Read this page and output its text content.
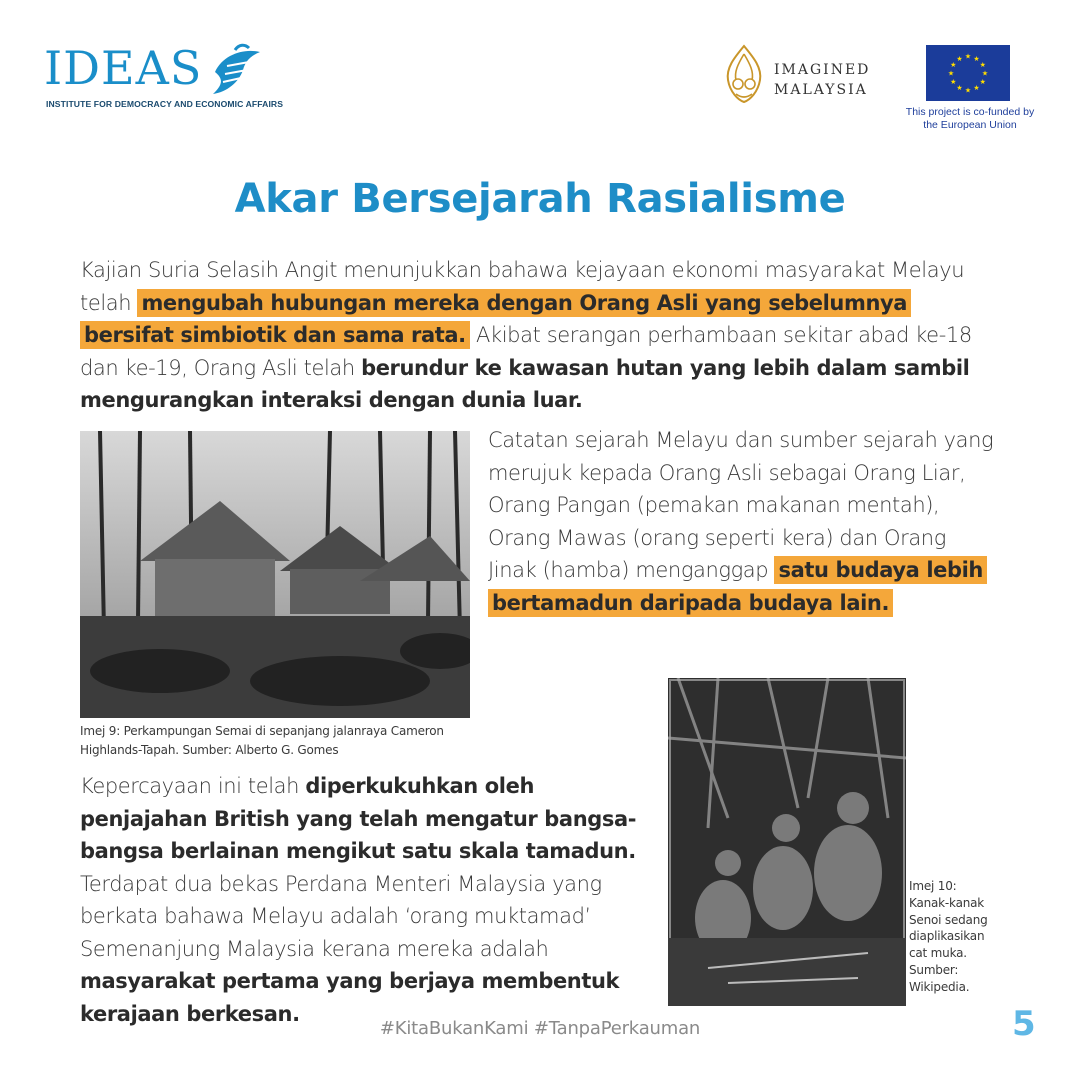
IDEAS
INSTITUTE FOR DEMOCRACY AND ECONOMIC AFFAIRS
IMAGINED
MALAYSIA
★ ★
★
★
★
★
★
★
★
★
★
★
This project is co-funded by
the European Union
Akar Bersejarah Rasialisme
Kajian Suria Selasih Angit menunjukkan bahawa kejayaan ekonomi masyarakat Melayu telah mengubah hubungan mereka dengan Orang Asli yang sebelumnya bersifat simbiotik dan sama rata. Akibat serangan perhambaan sekitar abad ke-18 dan ke-19, Orang Asli telah berundur ke kawasan hutan yang lebih dalam sambil mengurangkan interaksi dengan dunia luar.
Imej 9: Perkampungan Semai di sepanjang jalanraya Cameron Highlands-Tapah. Sumber: Alberto G. Gomes
Catatan sejarah Melayu dan sumber sejarah yang merujuk kepada Orang Asli sebagai Orang Liar, Orang Pangan (pemakan makanan mentah), Orang Mawas (orang seperti kera) dan Orang Jinak (hamba) menganggap satu budaya lebih bertamadun daripada budaya lain.
Kepercayaan ini telah diperkukuhkan oleh penjajahan British yang telah mengatur bangsa-bangsa berlainan mengikut satu skala tamadun. Terdapat dua bekas Perdana Menteri Malaysia yang berkata bahawa Melayu adalah ‘orang muktamad’ Semenanjung Malaysia kerana mereka adalah masyarakat pertama yang berjaya membentuk kerajaan berkesan.
Imej 10: Kanak-kanak Senoi sedang diaplikasikan cat muka. Sumber: Wikipedia.
#KitaBukanKami #TanpaPerkauman	5
